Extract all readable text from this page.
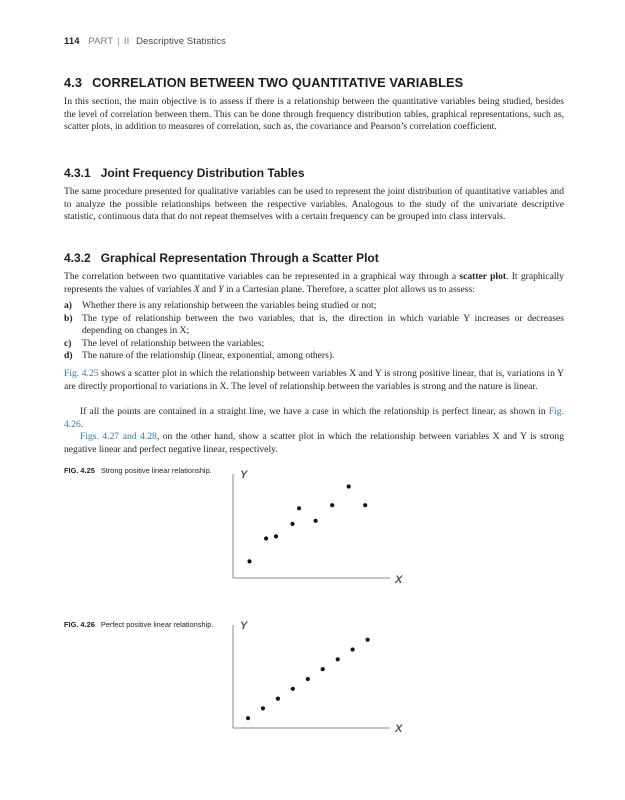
114 PART | II Descriptive Statistics
4.3 CORRELATION BETWEEN TWO QUANTITATIVE VARIABLES
In this section, the main objective is to assess if there is a relationship between the quantitative variables being studied, besides the level of correlation between them. This can be done through frequency distribution tables, graphical representations, such as, scatter plots, in addition to measures of correlation, such as, the covariance and Pearson’s correlation coefficient.
4.3.1 Joint Frequency Distribution Tables
The same procedure presented for qualitative variables can be used to represent the joint distribution of quantitative variables and to analyze the possible relationships between the respective variables. Analogous to the study of the univariate descriptive statistic, continuous data that do not repeat themselves with a certain frequency can be grouped into class intervals.
4.3.2 Graphical Representation Through a Scatter Plot
The correlation between two quantitative variables can be represented in a graphical way through a scatter plot. It graphically represents the values of variables X and Y in a Cartesian plane. Therefore, a scatter plot allows us to assess:
a)	Whether there is any relationship between the variables being studied or not;
b) The type of relationship between the two variables, that is, the direction in which variable Y increases or decreases depending on changes in X;
c)	The level of relationship between the variables;
d) The nature of the relationship (linear, exponential, among others).
Fig. 4.25 shows a scatter plot in which the relationship between variables X and Y is strong positive linear, that is, variations in Y are directly proportional to variations in X. The level of relationship between the variables is strong and the nature is linear.
If all the points are contained in a straight line, we have a case in which the relationship is perfect linear, as shown in Fig. 4.26.
Figs. 4.27 and 4.28, on the other hand, show a scatter plot in which the relationship between variables X and Y is strong negative linear and perfect negative linear, respectively.
FIG. 4.25 Strong positive linear relationship.
FIG. 4.26 Perfect positive linear relationship.
Y
X
Y
X
